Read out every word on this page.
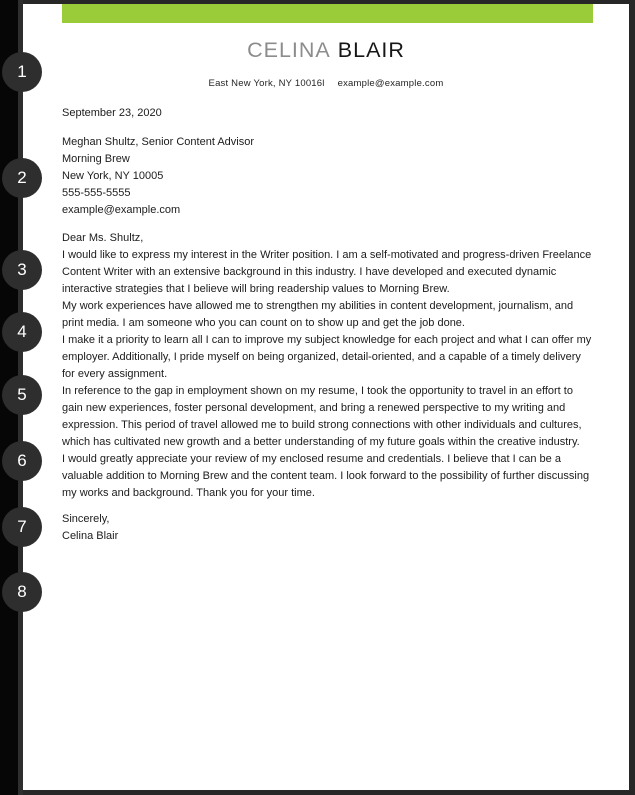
CELINA BLAIR
East New York, NY 10016l example@example.com
September 23, 2020
Meghan Shultz, Senior Content Advisor
Morning Brew
New York, NY 10005
555-555-5555
example@example.com
Dear Ms. Shultz,

I would like to express my interest in the Writer position. I am a self-motivated and progress-driven Freelance Content Writer with an extensive background in this industry. I have developed and executed dynamic interactive strategies that I believe will bring readership values to Morning Brew.

My work experiences have allowed me to strengthen my abilities in content development, journalism, and print media. I am someone who you can count on to show up and get the job done.

I make it a priority to learn all I can to improve my subject knowledge for each project and what I can offer my employer. Additionally, I pride myself on being organized, detail-oriented, and a capable of a timely delivery for every assignment.

In reference to the gap in employment shown on my resume, I took the opportunity to travel in an effort to gain new experiences, foster personal development, and bring a renewed perspective to my writing and expression. This period of travel allowed me to build strong connections with other individuals and cultures, which has cultivated new growth and a better understanding of my future goals within the creative industry.

I would greatly appreciate your review of my enclosed resume and credentials. I believe that I can be a valuable addition to Morning Brew and the content team. I look forward to the possibility of further discussing my works and background. Thank you for your time.

Sincerely,
Celina Blair
1
2
3
4
5
6
7
8
